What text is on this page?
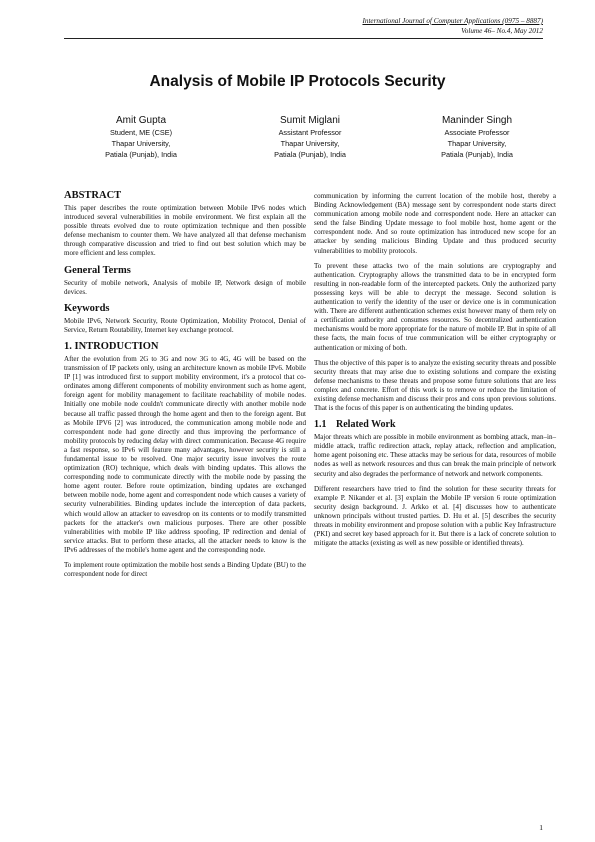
International Journal of Computer Applications (0975 – 8887)
Volume 46– No.4, May 2012
Analysis of Mobile IP Protocols Security
Amit Gupta
Student, ME (CSE)
Thapar University,
Patiala (Punjab), India
Sumit Miglani
Assistant Professor
Thapar University,
Patiala (Punjab), India
Maninder Singh
Associate Professor
Thapar University,
Patiala (Punjab), India
ABSTRACT

This paper describes the route optimization between Mobile IPv6 nodes which introduced several vulnerabilities in mobile environment. We first explain all the possible threats evolved due to route optimization technique and then possible defense mechanism to counter them. We have analyzed all that defense mechanism through comparative discussion and tried to find out best solution which may be more efficient and less complex.

General Terms

Security of mobile network, Analysis of mobile IP, Network design of mobile devices.

Keywords

Mobile IPv6, Network Security, Route Optimization, Mobility Protocol, Denial of Service, Return Routability, Internet key exchange protocol.

1. INTRODUCTION

After the evolution from 2G to 3G and now 3G to 4G, 4G will be based on the transmission of IP packets only, using an architecture known as mobile IPv6. Mobile IP [1] was introduced first to support mobility environment, it's a protocol that co-ordinates among different components of mobility environment such as home agent, foreign agent for mobility management to facilitate reachability of mobile nodes. Initially one mobile node couldn't communicate directly with another mobile node because all traffic passed through the home agent and then to the foreign agent. But as Mobile IPV6 [2] was introduced, the communication among mobile node and correspondent node had gone directly and thus improving the performance of mobility protocols by reducing delay with direct communication. Because 4G require a fast response, so IPv6 will feature many advantages, however security is still a fundamental issue to be resolved. One major security issue involves the route optimization (RO) technique, which deals with binding updates. This allows the corresponding node to communicate directly with the mobile node by passing the home agent router. Before route optimization, binding updates are exchanged between mobile node, home agent and correspondent node which causes a variety of security vulnerabilities. Binding updates include the interception of data packets, which would allow an attacker to eavesdrop on its contents or to modify transmitted packets for the attacker's own malicious purposes. There are other possible vulnerabilities with mobile IP like address spoofing, IP redirection and denial of service attacks. But to perform these attacks, all the attacker needs to know is the IPv6 addresses of the mobile's home agent and the corresponding node.

To implement route optimization the mobile host sends a Binding Update (BU) to the correspondent node for direct

communication by informing the current location of the mobile host, thereby a Binding Acknowledgement (BA) message sent by correspondent node starts direct communication among mobile node and correspondent node. Here an attacker can send the false Binding Update message to fool mobile host, home agent or the correspondent node. And so route optimization has introduced new scope for an attacker by sending malicious Binding Update and thus produced security vulnerabilities to mobility protocols.

To prevent these attacks two of the main solutions are cryptography and authentication. Cryptography allows the transmitted data to be in encrypted form resulting in non-readable form of the intercepted packets. Only the authorized party possessing keys will be able to decrypt the message. Second solution is authentication to verify the identity of the user or device one is in communication with. There are different authentication schemes exist however many of them rely on a certification authority and consumes resources. So decentralized authentication mechanisms would be more appropriate for the nature of mobile IP. But in spite of all these facts, the main focus of true communication will be either cryptography or authentication or mixing of both.

Thus the objective of this paper is to analyze the existing security threats and possible security threats that may arise due to existing solutions and compare the existing defense mechanisms to these threats and propose some future solutions that are less complex and concrete. Effort of this work is to remove or reduce the limitation of existing defense mechanism and discuss their pros and cons upon previous solutions. That is the focus of this paper is on authenticating the binding updates.

1.1 Related Work

Major threats which are possible in mobile environment as bombing attack, man–in–middle attack, traffic redirection attack, replay attack, reflection and amplication, home agent poisoning etc. These attacks may be serious for data, resources of mobile nodes as well as network resources and thus can break the main principle of network security and also degrades the performance of network and network components.

Different researchers have tried to find the solution for these security threats for example P. Nikander et al. [3] explain the Mobile IP version 6 route optimization security design background. J. Arkko et al. [4] discusses how to authenticate unknown principals without trusted parties. D. Hu et al. [5] describes the security threats in mobility environment and propose solution with a public Key Infrastructure (PKI) and secret key based approach for it. But there is a lack of concrete solution to mitigate the attacks (existing as well as new possible or identified threats).

1
